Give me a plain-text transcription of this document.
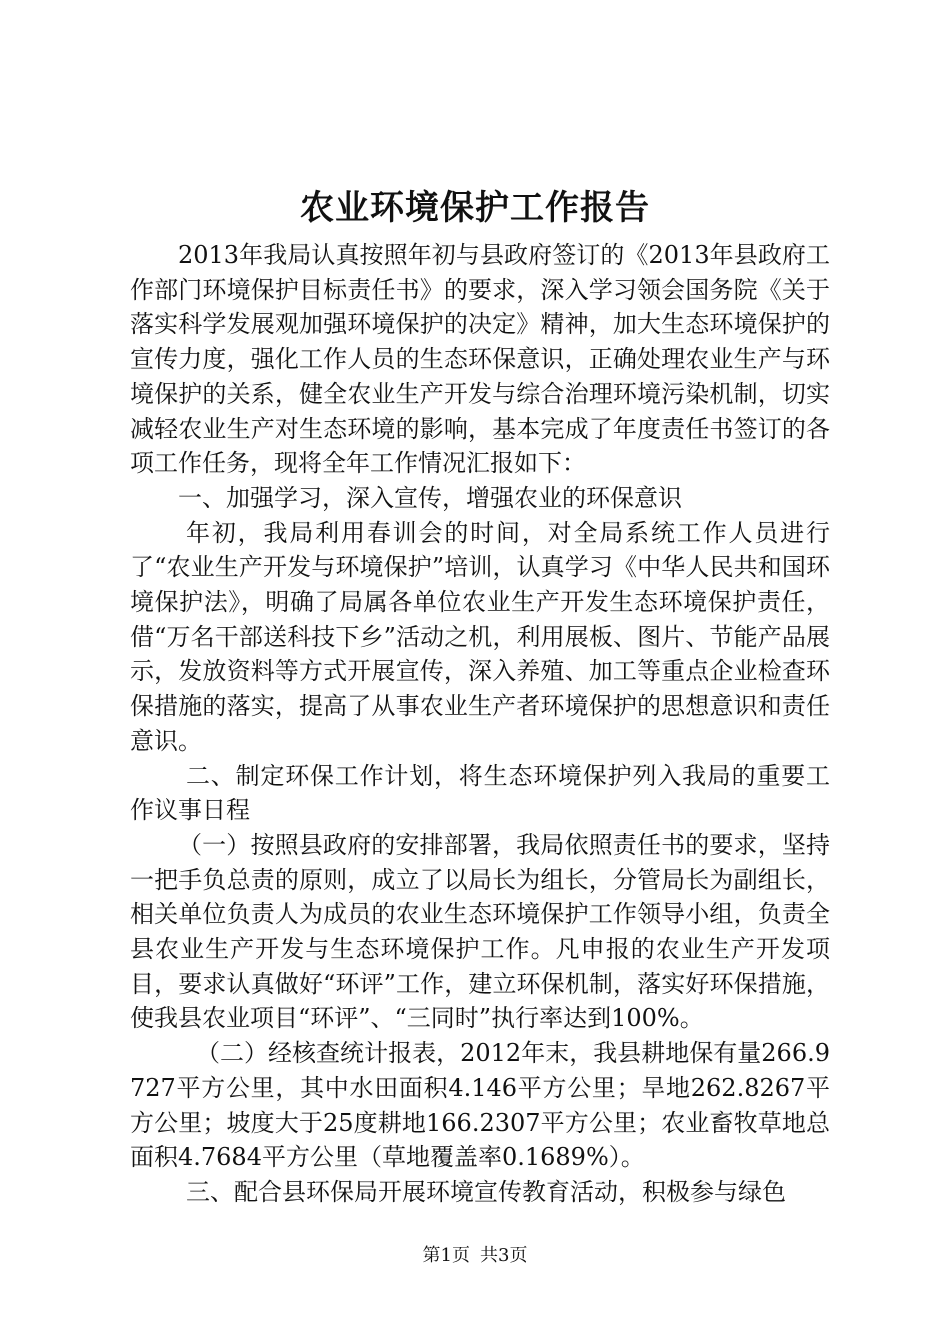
农业环境保护工作报告

2013年我局认真按照年初与县政府签订的《2013年县政府工作部门环境保护目标责任书》的要求，深入学习领会国务院《关于落实科学发展观加强环境保护的决定》精神，加大生态环境保护的宣传力度，强化工作人员的生态环保意识，正确处理农业生产与环境保护的关系，健全农业生产开发与综合治理环境污染机制，切实减轻农业生产对生态环境的影响，基本完成了年度责任书签订的各项工作任务，现将全年工作情况汇报如下：

一、加强学习，深入宣传，增强农业的环保意识

年初，我局利用春训会的时间，对全局系统工作人员进行了“农业生产开发与环境保护”培训，认真学习《中华人民共和国环境保护法》，明确了局属各单位农业生产开发生态环境保护责任，借“万名干部送科技下乡”活动之机，利用展板、图片、节能产品展示，发放资料等方式开展宣传，深入养殖、加工等重点企业检查环保措施的落实，提高了从事农业生产者环境保护的思想意识和责任意识。

二、制定环保工作计划，将生态环境保护列入我局的重要工作议事日程

（一）按照县政府的安排部署，我局依照责任书的要求，坚持一把手负总责的原则，成立了以局长为组长，分管局长为副组长，相关单位负责人为成员的农业生态环境保护工作领导小组，负责全县农业生产开发与生态环境保护工作。凡申报的农业生产开发项目，要求认真做好“环评”工作，建立环保机制，落实好环保措施，使我县农业项目“环评”、“三同时”执行率达到100%。

（二）经核查统计报表，2012年末，我县耕地保有量266.9727平方公里，其中水田面积4.146平方公里；旱地262.8267平方公里；坡度大于25度耕地166.2307平方公里；农业畜牧草地总面积4.7684平方公里（草地覆盖率0.1689%）。

三、配合县环保局开展环境宣传教育活动，积极参与绿色

第1页 共3页
